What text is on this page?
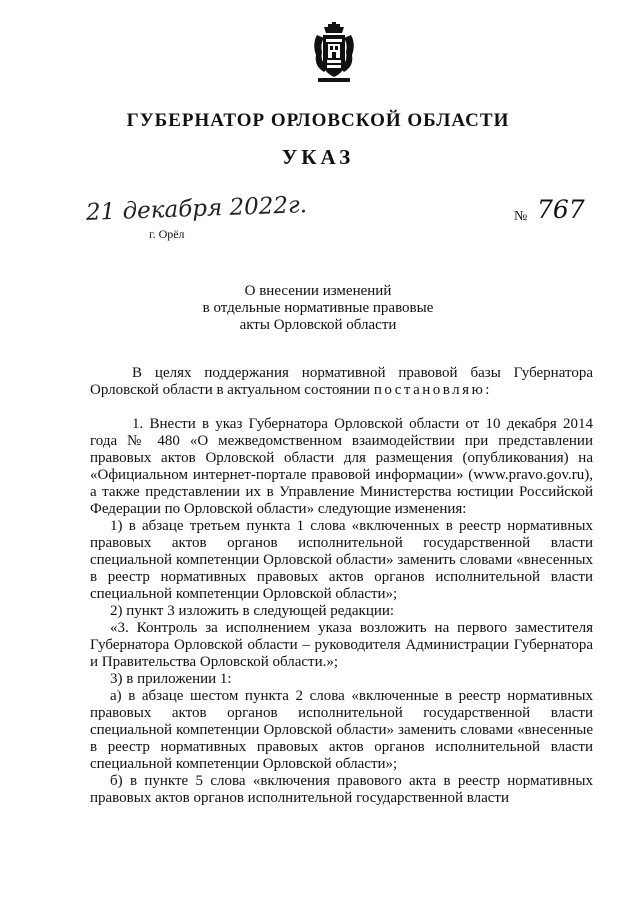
ГУБЕРНАТОР ОРЛОВСКОЙ ОБЛАСТИ
УКАЗ
21 декабря 2022г.
г. Орёл
№ 767
О внесении изменений
в отдельные нормативные правовые
акты Орловской области

В целях поддержания нормативной правовой базы Губернатора Орловской области в актуальном состоянии постановляю:

1. Внести в указ Губернатора Орловской области от 10 декабря 2014 года № 480 «О межведомственном взаимодействии при представлении правовых актов Орловской области для размещения (опубликования) на «Официальном интернет-портале правовой информации» (www.pravo.gov.ru), а также представлении их в Управление Министерства юстиции Российской Федерации по Орловской области» следующие изменения:

1) в абзаце третьем пункта 1 слова «включенных в реестр нормативных правовых актов органов исполнительной государственной власти специальной компетенции Орловской области» заменить словами «внесенных в реестр нормативных правовых актов органов исполнительной власти специальной компетенции Орловской области»;

2) пункт 3 изложить в следующей редакции:

«3. Контроль за исполнением указа возложить на первого заместителя Губернатора Орловской области – руководителя Администрации Губернатора и Правительства Орловской области.»;

3) в приложении 1:

а) в абзаце шестом пункта 2 слова «включенные в реестр нормативных правовых актов органов исполнительной государственной власти специальной компетенции Орловской области» заменить словами «внесенные в реестр нормативных правовых актов органов исполнительной власти специальной компетенции Орловской области»;

б) в пункте 5 слова «включения правового акта в реестр нормативных правовых актов органов исполнительной государственной власти
